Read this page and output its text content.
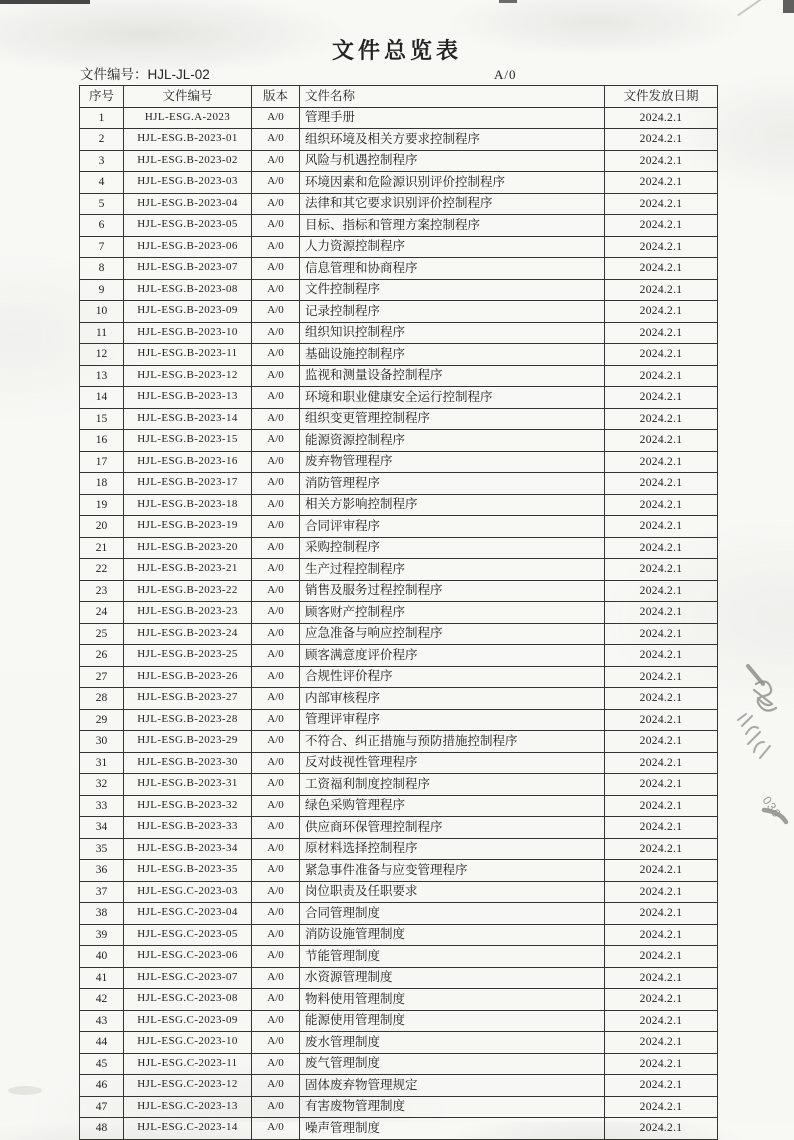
文件总览表
文件编号：HJL-JL-02	A/0
序号	文件编号	版本	文件名称	文件发放日期
1	HJL-ESG.A-2023	A/0	管理手册	2024.2.1
2	HJL-ESG.B-2023-01	A/0	组织环境及相关方要求控制程序	2024.2.1
3	HJL-ESG.B-2023-02	A/0	风险与机遇控制程序	2024.2.1
4	HJL-ESG.B-2023-03	A/0	环境因素和危险源识别评价控制程序	2024.2.1
5	HJL-ESG.B-2023-04	A/0	法律和其它要求识别评价控制程序	2024.2.1
6	HJL-ESG.B-2023-05	A/0	目标、指标和管理方案控制程序	2024.2.1
7	HJL-ESG.B-2023-06	A/0	人力资源控制程序	2024.2.1
8	HJL-ESG.B-2023-07	A/0	信息管理和协商程序	2024.2.1
9	HJL-ESG.B-2023-08	A/0	文件控制程序	2024.2.1
10	HJL-ESG.B-2023-09	A/0	记录控制程序	2024.2.1
11	HJL-ESG.B-2023-10	A/0	组织知识控制程序	2024.2.1
12	HJL-ESG.B-2023-11	A/0	基础设施控制程序	2024.2.1
13	HJL-ESG.B-2023-12	A/0	监视和测量设备控制程序	2024.2.1
14	HJL-ESG.B-2023-13	A/0	环境和职业健康安全运行控制程序	2024.2.1
15	HJL-ESG.B-2023-14	A/0	组织变更管理控制程序	2024.2.1
16	HJL-ESG.B-2023-15	A/0	能源资源控制程序	2024.2.1
17	HJL-ESG.B-2023-16	A/0	废弃物管理程序	2024.2.1
18	HJL-ESG.B-2023-17	A/0	消防管理程序	2024.2.1
19	HJL-ESG.B-2023-18	A/0	相关方影响控制程序	2024.2.1
20	HJL-ESG.B-2023-19	A/0	合同评审程序	2024.2.1
21	HJL-ESG.B-2023-20	A/0	采购控制程序	2024.2.1
22	HJL-ESG.B-2023-21	A/0	生产过程控制程序	2024.2.1
23	HJL-ESG.B-2023-22	A/0	销售及服务过程控制程序	2024.2.1
24	HJL-ESG.B-2023-23	A/0	顾客财产控制程序	2024.2.1
25	HJL-ESG.B-2023-24	A/0	应急准备与响应控制程序	2024.2.1
26	HJL-ESG.B-2023-25	A/0	顾客满意度评价程序	2024.2.1
27	HJL-ESG.B-2023-26	A/0	合规性评价程序	2024.2.1
28	HJL-ESG.B-2023-27	A/0	内部审核程序	2024.2.1
29	HJL-ESG.B-2023-28	A/0	管理评审程序	2024.2.1
30	HJL-ESG.B-2023-29	A/0	不符合、纠正措施与预防措施控制程序	2024.2.1
31	HJL-ESG.B-2023-30	A/0	反对歧视性管理程序	2024.2.1
32	HJL-ESG.B-2023-31	A/0	工资福利制度控制程序	2024.2.1
33	HJL-ESG.B-2023-32	A/0	绿色采购管理程序	2024.2.1
34	HJL-ESG.B-2023-33	A/0	供应商环保管理控制程序	2024.2.1
35	HJL-ESG.B-2023-34	A/0	原材料选择控制程序	2024.2.1
36	HJL-ESG.B-2023-35	A/0	紧急事件准备与应变管理程序	2024.2.1
37	HJL-ESG.C-2023-03	A/0	岗位职责及任职要求	2024.2.1
38	HJL-ESG.C-2023-04	A/0	合同管理制度	2024.2.1
39	HJL-ESG.C-2023-05	A/0	消防设施管理制度	2024.2.1
40	HJL-ESG.C-2023-06	A/0	节能管理制度	2024.2.1
41	HJL-ESG.C-2023-07	A/0	水资源管理制度	2024.2.1
42	HJL-ESG.C-2023-08	A/0	物料使用管理制度	2024.2.1
43	HJL-ESG.C-2023-09	A/0	能源使用管理制度	2024.2.1
44	HJL-ESG.C-2023-10	A/0	废水管理制度	2024.2.1
45	HJL-ESG.C-2023-11	A/0	废气管理制度	2024.2.1
46	HJL-ESG.C-2023-12	A/0	固体废弃物管理规定	2024.2.1
47	HJL-ESG.C-2023-13	A/0	有害废物管理制度	2024.2.1
48	HJL-ESG.C-2023-14	A/0	噪声管理制度	2024.2.1
030
